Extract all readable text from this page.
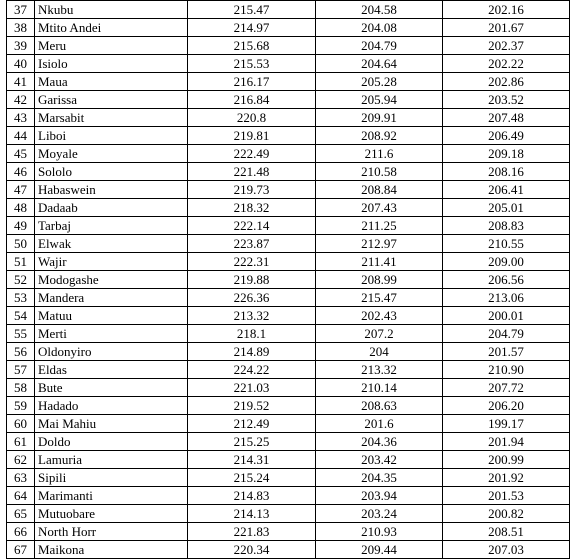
37	Nkubu	215.47	204.58	202.16
38	Mtito Andei	214.97	204.08	201.67
39	Meru	215.68	204.79	202.37
40	Isiolo	215.53	204.64	202.22
41	Maua	216.17	205.28	202.86
42	Garissa	216.84	205.94	203.52
43	Marsabit	220.8	209.91	207.48
44	Liboi	219.81	208.92	206.49
45	Moyale	222.49	211.6	209.18
46	Sololo	221.48	210.58	208.16
47	Habaswein	219.73	208.84	206.41
48	Dadaab	218.32	207.43	205.01
49	Tarbaj	222.14	211.25	208.83
50	Elwak	223.87	212.97	210.55
51	Wajir	222.31	211.41	209.00
52	Modogashe	219.88	208.99	206.56
53	Mandera	226.36	215.47	213.06
54	Matuu	213.32	202.43	200.01
55	Merti	218.1	207.2	204.79
56	Oldonyiro	214.89	204	201.57
57	Eldas	224.22	213.32	210.90
58	Bute	221.03	210.14	207.72
59	Hadado	219.52	208.63	206.20
60	Mai Mahiu	212.49	201.6	199.17
61	Doldo	215.25	204.36	201.94
62	Lamuria	214.31	203.42	200.99
63	Sipili	215.24	204.35	201.92
64	Marimanti	214.83	203.94	201.53
65	Mutuobare	214.13	203.24	200.82
66	North Horr	221.83	210.93	208.51
67	Maikona	220.34	209.44	207.03
